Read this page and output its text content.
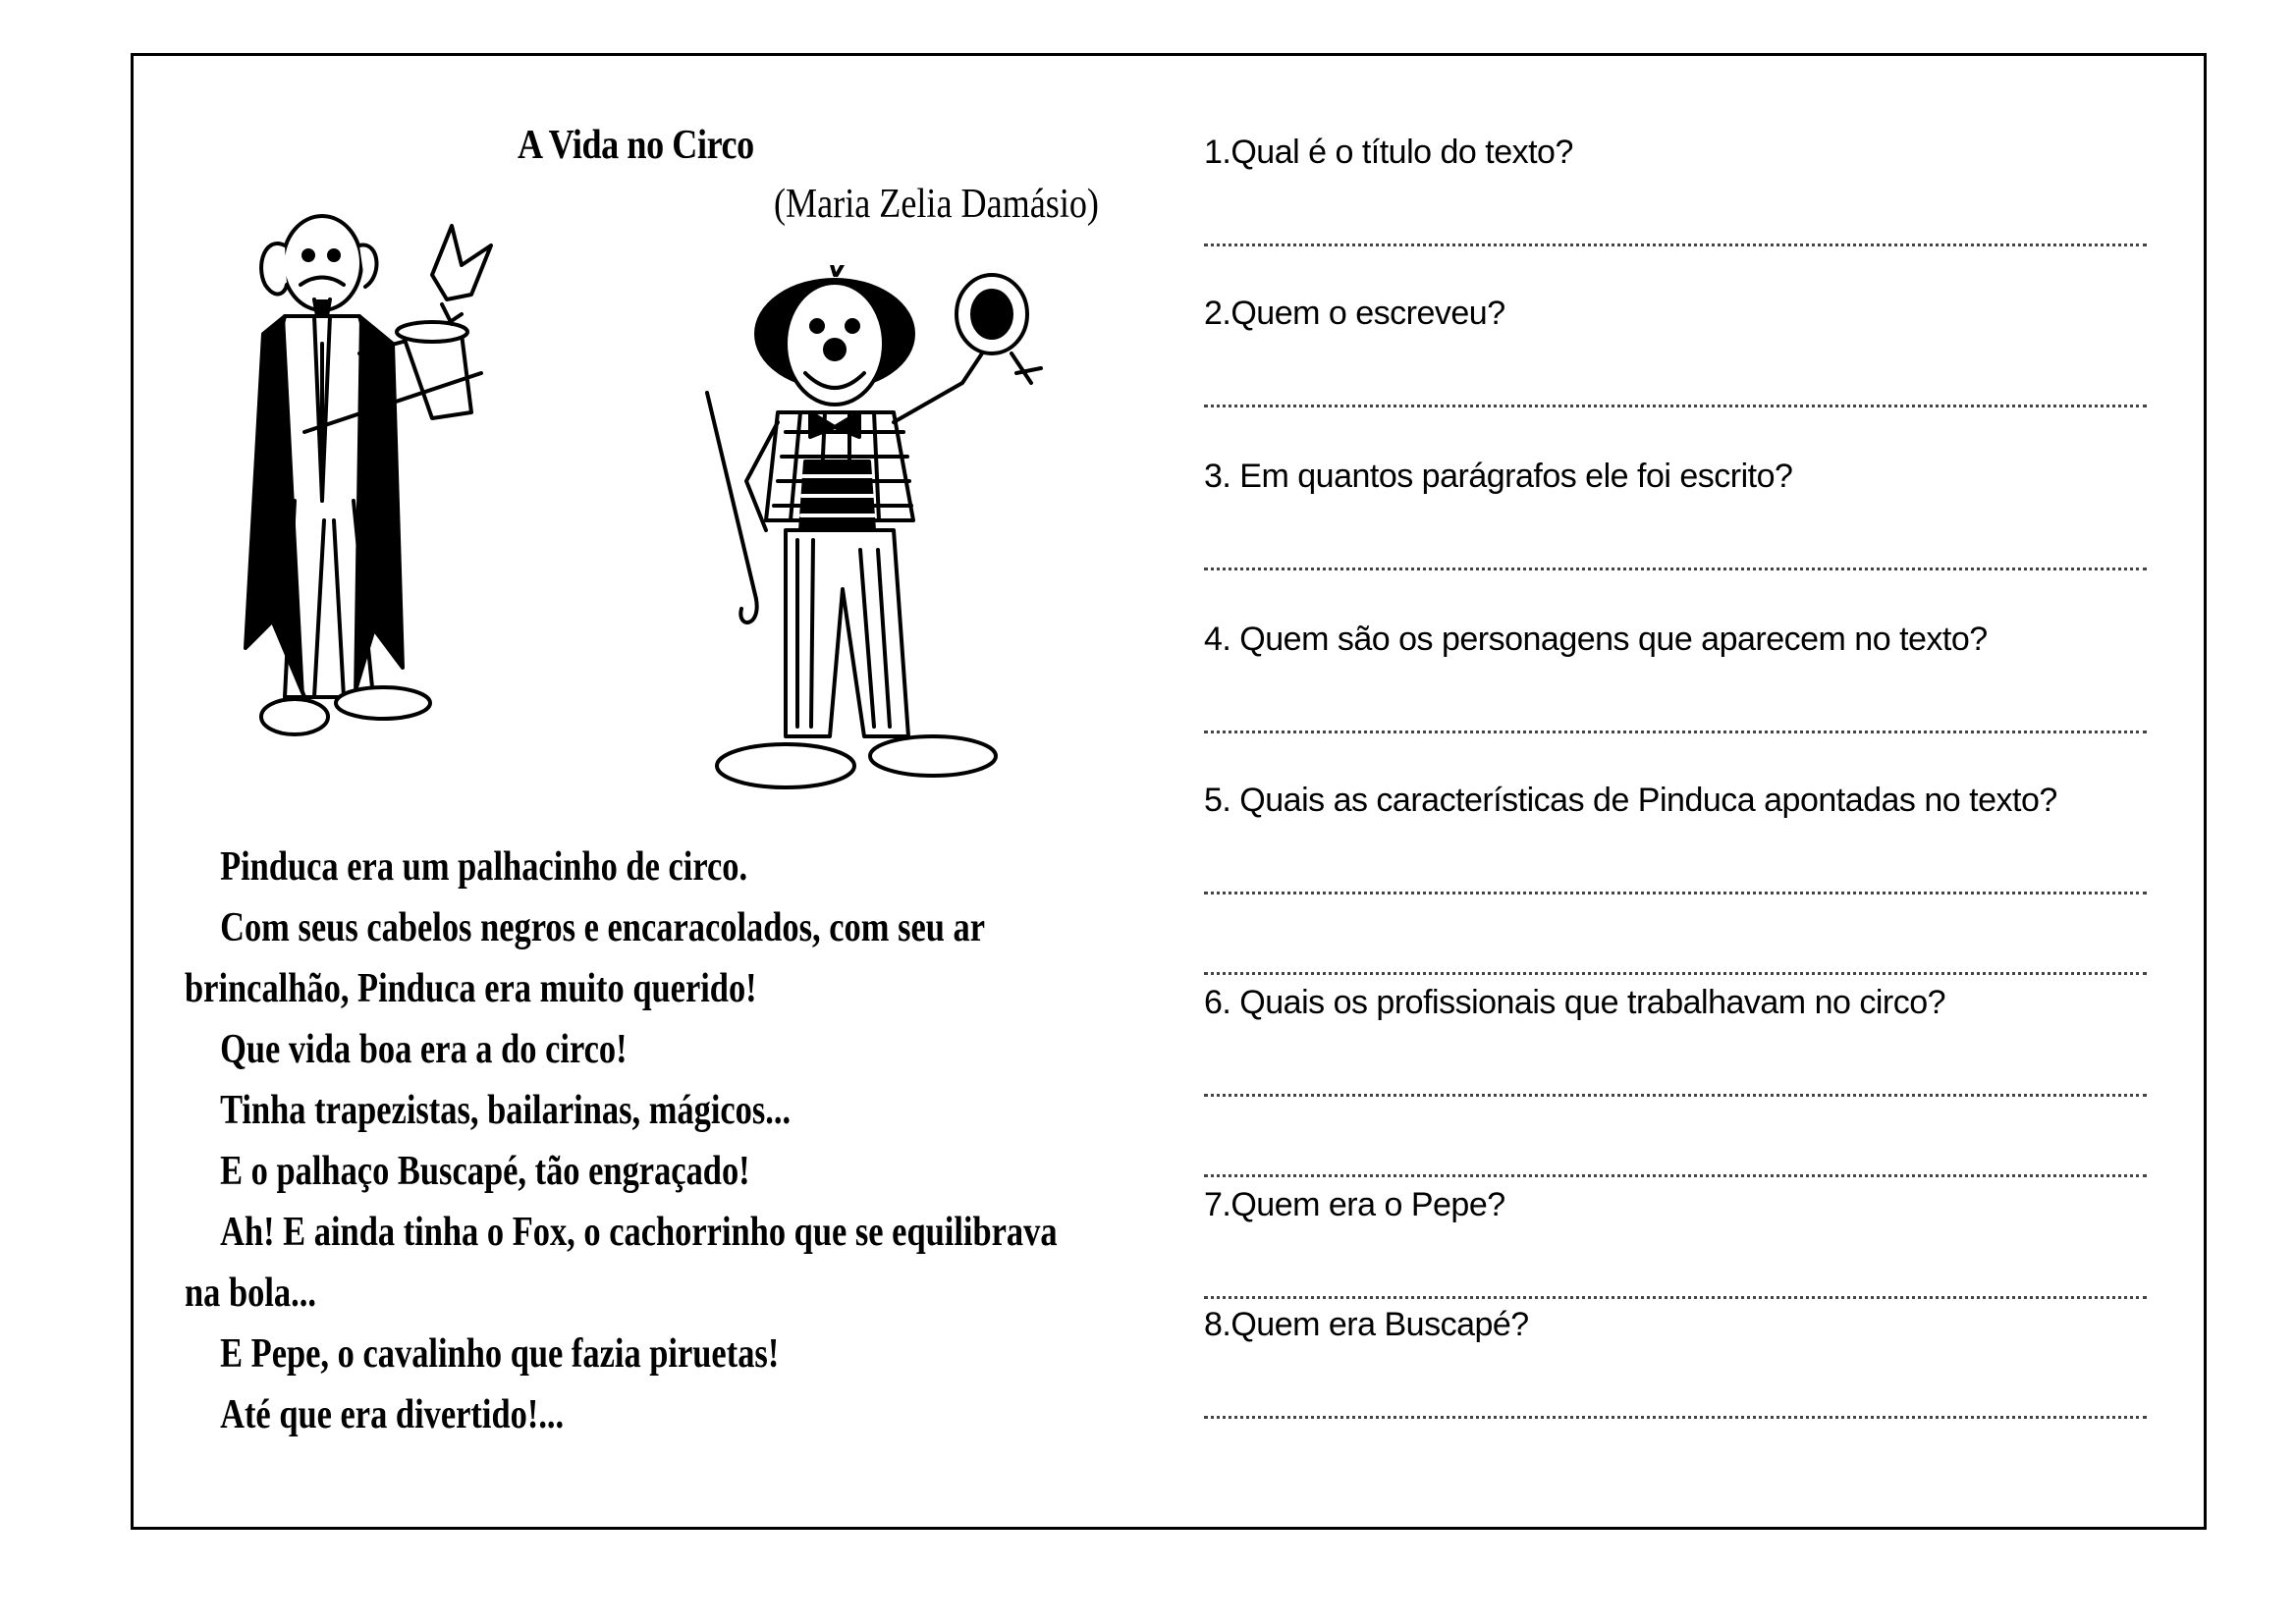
A Vida no Circo
(Maria Zelia Damásio)

Pinduca era um palhacinho de circo.

Com seus cabelos negros e encaracolados, com seu ar

brincalhão, Pinduca era muito querido!

Que vida boa era a do circo!

Tinha trapezistas, bailarinas, mágicos...

E o palhaço Buscapé, tão engraçado!

Ah! E ainda tinha o Fox, o cachorrinho que se equilibrava

na bola...

E Pepe, o cavalinho que fazia piruetas!

Até que era divertido!...

1.Qual é o título do texto?
2.Quem o escreveu?
3. Em quantos parágrafos ele foi escrito?
4. Quem são os personagens que aparecem no texto?
5. Quais as características de Pinduca apontadas no texto?
6. Quais os profissionais que trabalhavam no circo?
7.Quem era o Pepe?
8.Quem era Buscapé?
